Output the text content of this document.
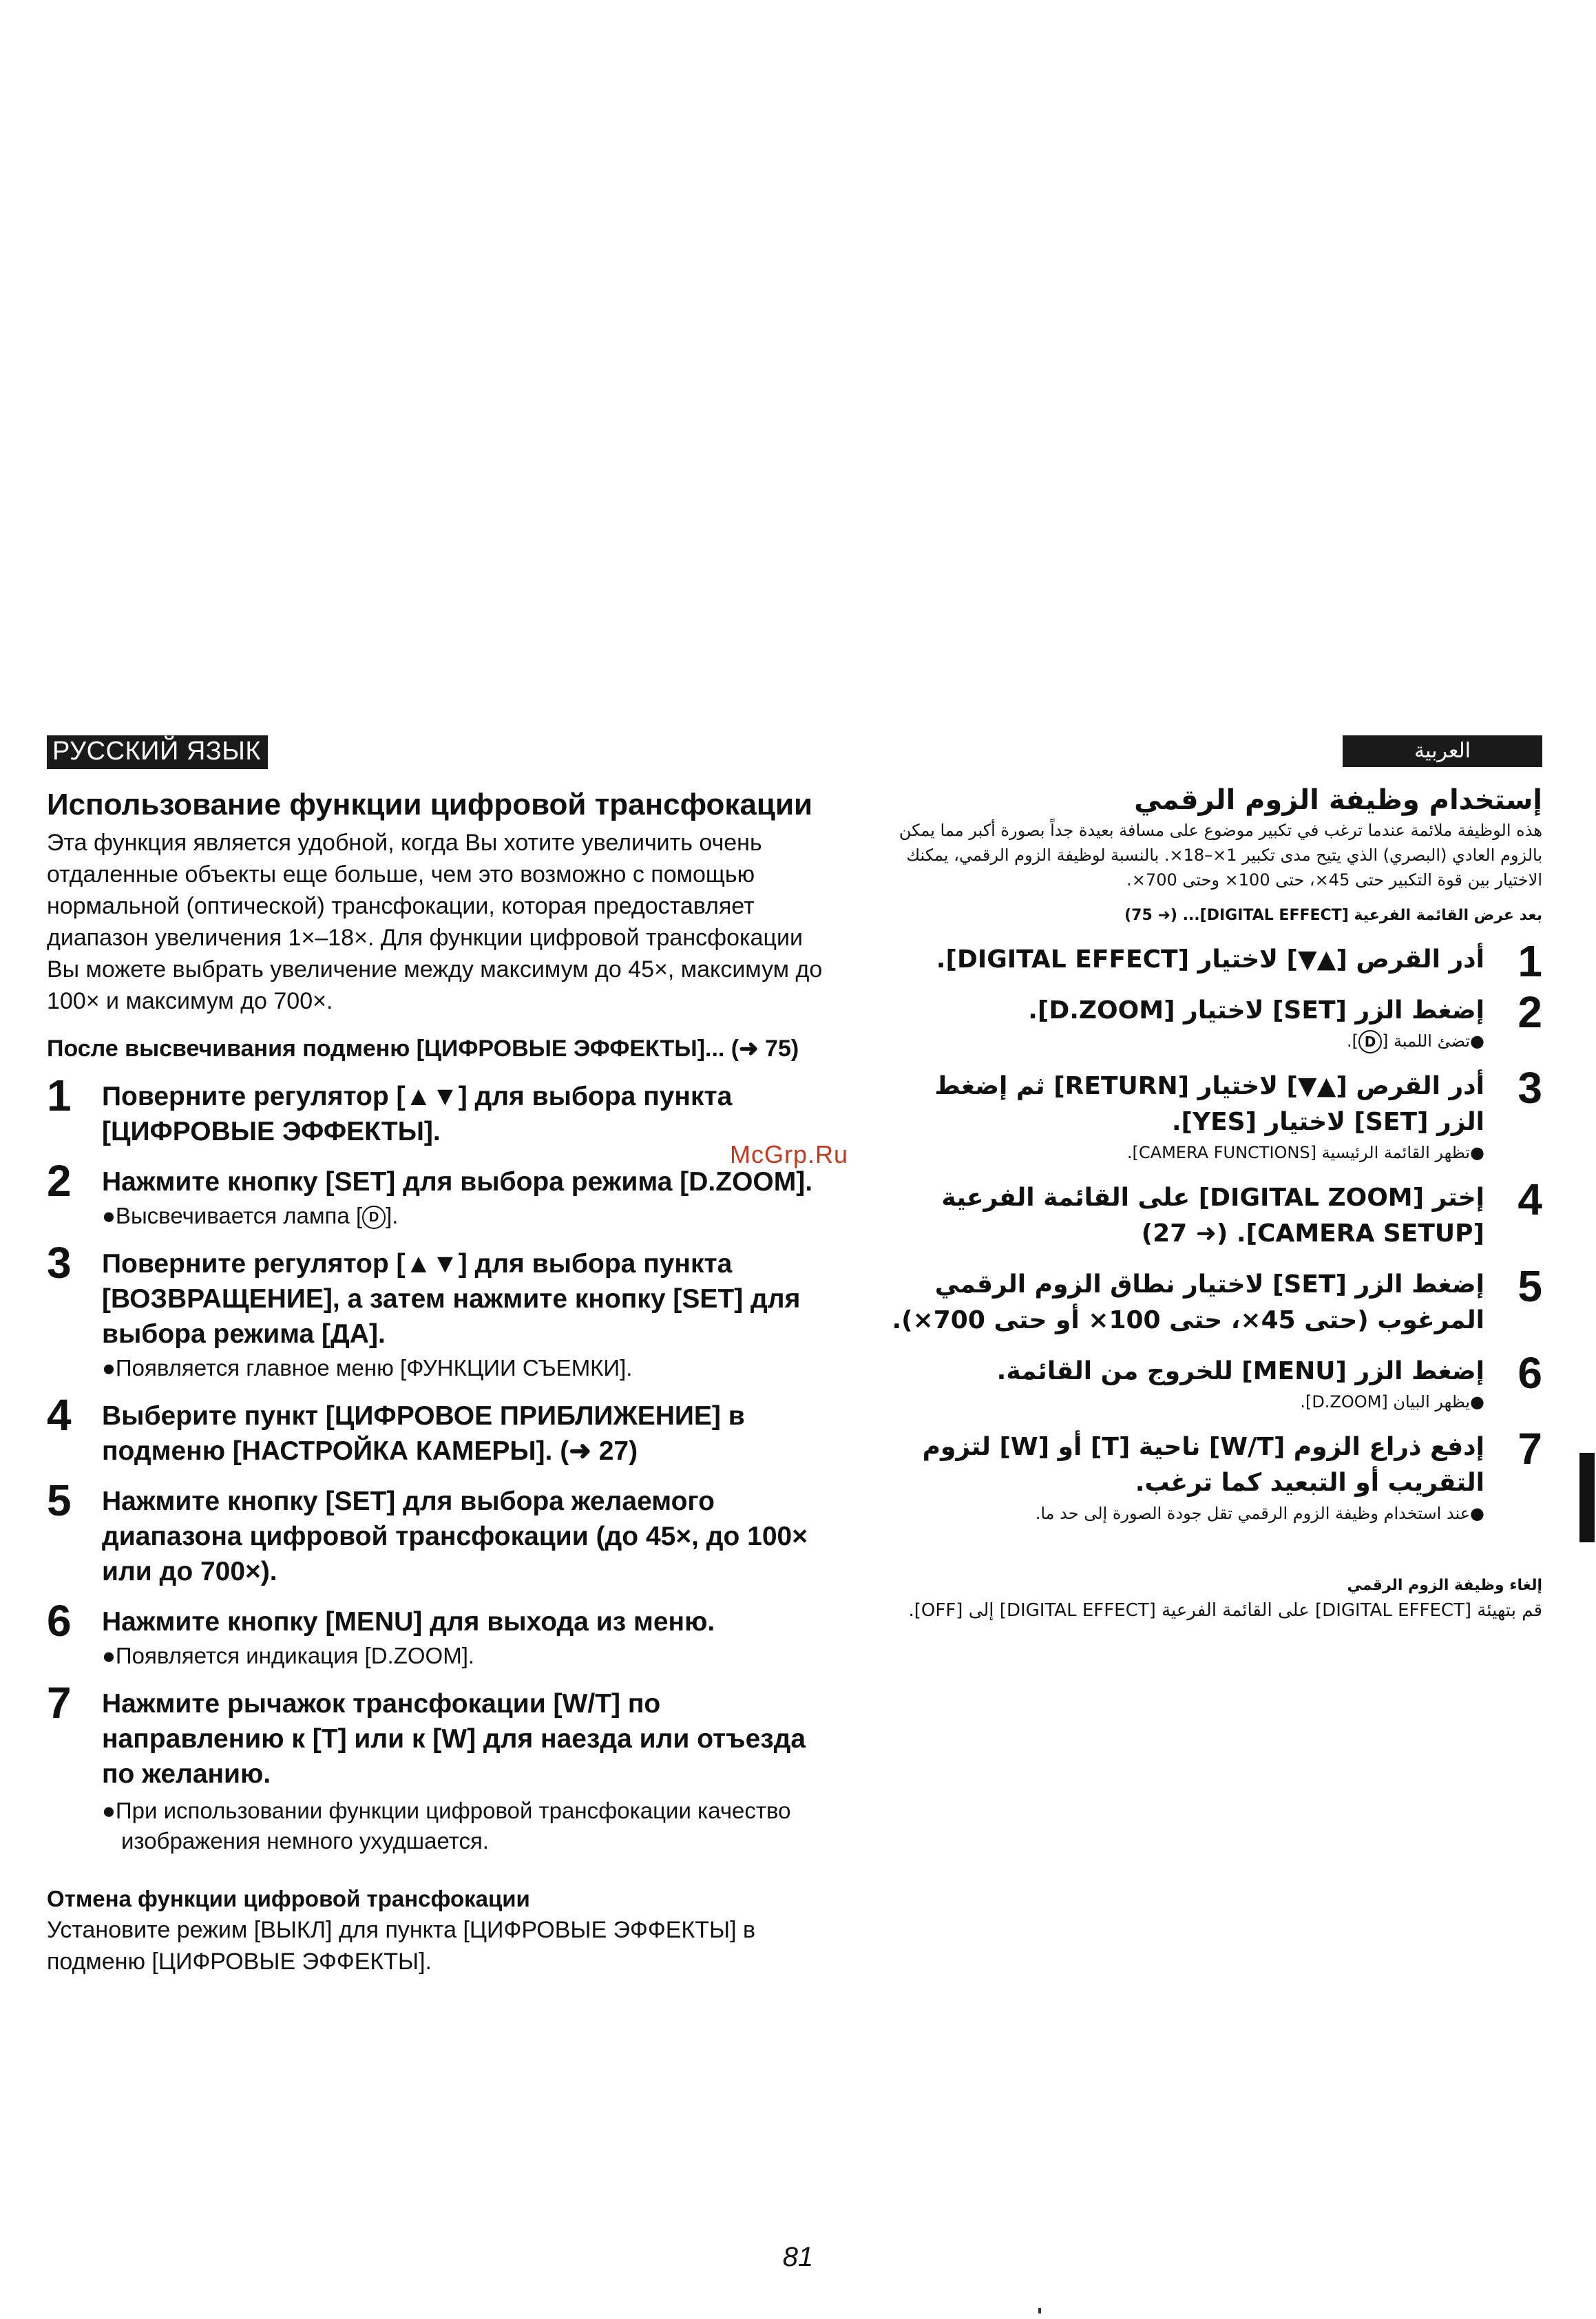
РУССКИЙ ЯЗЫК
Использование функции цифровой трансфокации
Эта функция является удобной, когда Вы хотите увеличить очень отдаленные объекты еще больше, чем это возможно с помощью нормальной (оптической) трансфокации, которая предоставляет диапазон увеличения 1×–18×. Для функции цифровой трансфокации Вы можете выбрать увеличение между максимум до 45×, максимум до 100× и максимум до 700×.
После высвечивания подменю [ЦИФРОВЫЕ ЭФФЕКТЫ]... (➜ 75)
1 Поверните регулятор [▲▼] для выбора пункта [ЦИФРОВЫЕ ЭФФЕКТЫ].
2 Нажмите кнопку [SET] для выбора режима [D.ZOOM].
●Высвечивается лампа [ D ].
3 Поверните регулятор [▲▼] для выбора пункта [ВОЗВРАЩЕНИЕ], а затем нажмите кнопку [SET] для выбора режима [ДА].
●Появляется главное меню [ФУНКЦИИ СЪЕМКИ].
4 Выберите пункт [ЦИФРОВОЕ ПРИБЛИЖЕНИЕ] в подменю [НАСТРОЙКА КАМЕРЫ]. (➜ 27)
5 Нажмите кнопку [SET] для выбора желаемого диапазона цифровой трансфокации (до 45×, до 100× или до 700×).
6 Нажмите кнопку [MENU] для выхода из меню.
●Появляется индикация [D.ZOOM].
7 Нажмите рычажок трансфокации [W/T] по направлению к [T] или к [W] для наезда или отъезда по желанию.
●При использовании функции цифровой трансфокации качество изображения немного ухудшается.
Отмена функции цифровой трансфокации
Установите режим [ВЫКЛ] для пункта [ЦИФРОВЫЕ ЭФФЕКТЫ] в подменю [ЦИФРОВЫЕ ЭФФЕКТЫ].
McGrp.Ru
العربية
إستخدام وظيفة الزوم الرقمي
هذه الوظيفة ملائمة عندما ترغب في تكبير موضوع على مسافة بعيدة جداً بصورة أكبر مما يمكن بالزوم العادي (البصري) الذي يتيح مدى تكبير 1×–18×. بالنسبة لوظيفة الزوم الرقمي، يمكنك الاختيار بين قوة التكبير حتى 45×، حتى 100× وحتى 700×.
بعد عرض القائمة الفرعية [DIGITAL EFFECT]... (➜ 75)
1
أدر القرص [▲▼] لاختيار [DIGITAL EFFECT].
2
إضغط الزر [SET] لاختيار [D.ZOOM].
●تضئ اللمبة [D].
3
أدر القرص [▲▼] لاختيار [RETURN] ثم إضغط الزر [SET] لاختيار [YES].
●تظهر القائمة الرئيسية [CAMERA FUNCTIONS].
4
إختر [DIGITAL ZOOM] على القائمة الفرعية [CAMERA SETUP]. (➜ 27)
5
إضغط الزر [SET] لاختيار نطاق الزوم الرقمي المرغوب (حتى 45×، حتى 100× أو حتى 700×).
6
إضغط الزر [MENU] للخروج من القائمة.
●يظهر البيان [D.ZOOM].
7
إدفع ذراع الزوم [W/T] ناحية [T] أو [W] لتزوم التقريب أو التبعيد كما ترغب.
●عند استخدام وظيفة الزوم الرقمي تقل جودة الصورة إلى حد ما.
إلغاء وظيفة الزوم الرقمي
قم بتهيئة [DIGITAL EFFECT] على القائمة الفرعية [DIGITAL EFFECT] إلى [OFF].
81
